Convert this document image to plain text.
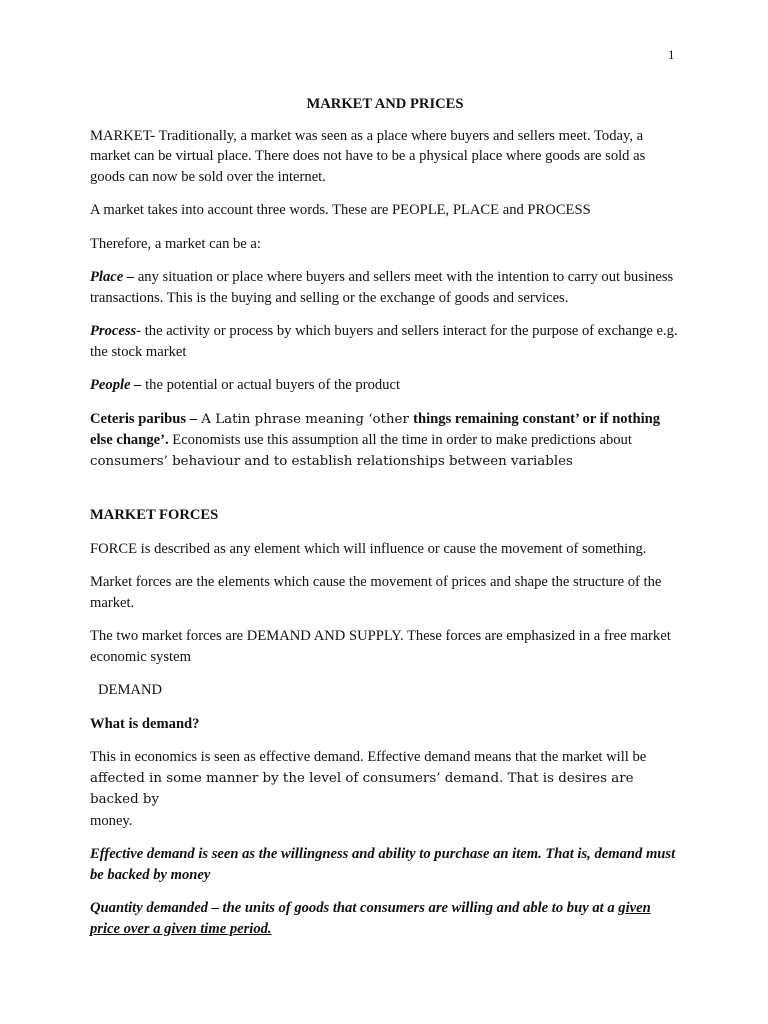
1
MARKET AND PRICES

MARKET- Traditionally, a market was seen as a place where buyers and sellers meet. Today, a market can be virtual place. There does not have to be a physical place where goods are sold as goods can now be sold over the internet.

A market takes into account three words. These are PEOPLE, PLACE and PROCESS

Therefore, a market can be a:

Place – any situation or place where buyers and sellers meet with the intention to carry out business transactions. This is the buying and selling or the exchange of goods and services.

Process- the activity or process by which buyers and sellers interact for the purpose of exchange e.g. the stock market

People – the potential or actual buyers of the product

Ceteris paribus – A Latin phrase meaning ‘other things remaining constant’ or if nothing else change’. Economists use this assumption all the time in order to make predictions about consumers’ behaviour and to establish relationships between variables

MARKET FORCES

FORCE is described as any element which will influence or cause the movement of something.

Market forces are the elements which cause the movement of prices and shape the structure of the market.

The two market forces are DEMAND AND SUPPLY. These forces are emphasized in a free market economic system

DEMAND

What is demand?

This in economics is seen as effective demand. Effective demand means that the market will be affected in some manner by the level of consumers’ demand. That is desires are backed by
money.

Effective demand is seen as the willingness and ability to purchase an item. That is, demand must be backed by money

Quantity demanded – the units of goods that consumers are willing and able to buy at a given price over a given time period.
